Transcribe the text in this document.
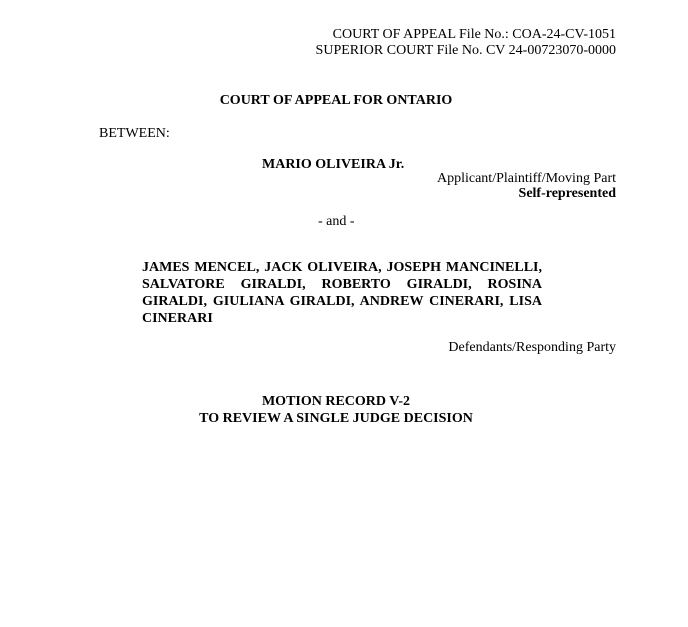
COURT OF APPEAL File No.: COA-24-CV-1051
SUPERIOR COURT File No. CV 24-00723070-0000
COURT OF APPEAL FOR ONTARIO
BETWEEN:
MARIO OLIVEIRA Jr.
Applicant/Plaintiff/Moving Part
Self-represented
- and -
JAMES MENCEL, JACK OLIVEIRA, JOSEPH MANCINELLI,
SALVATORE GIRALDI, ROBERTO GIRALDI, ROSINA
GIRALDI, GIULIANA GIRALDI, ANDREW CINERARI, LISA
CINERARI
Defendants/Responding Party
MOTION RECORD V-2
TO REVIEW A SINGLE JUDGE DECISION
